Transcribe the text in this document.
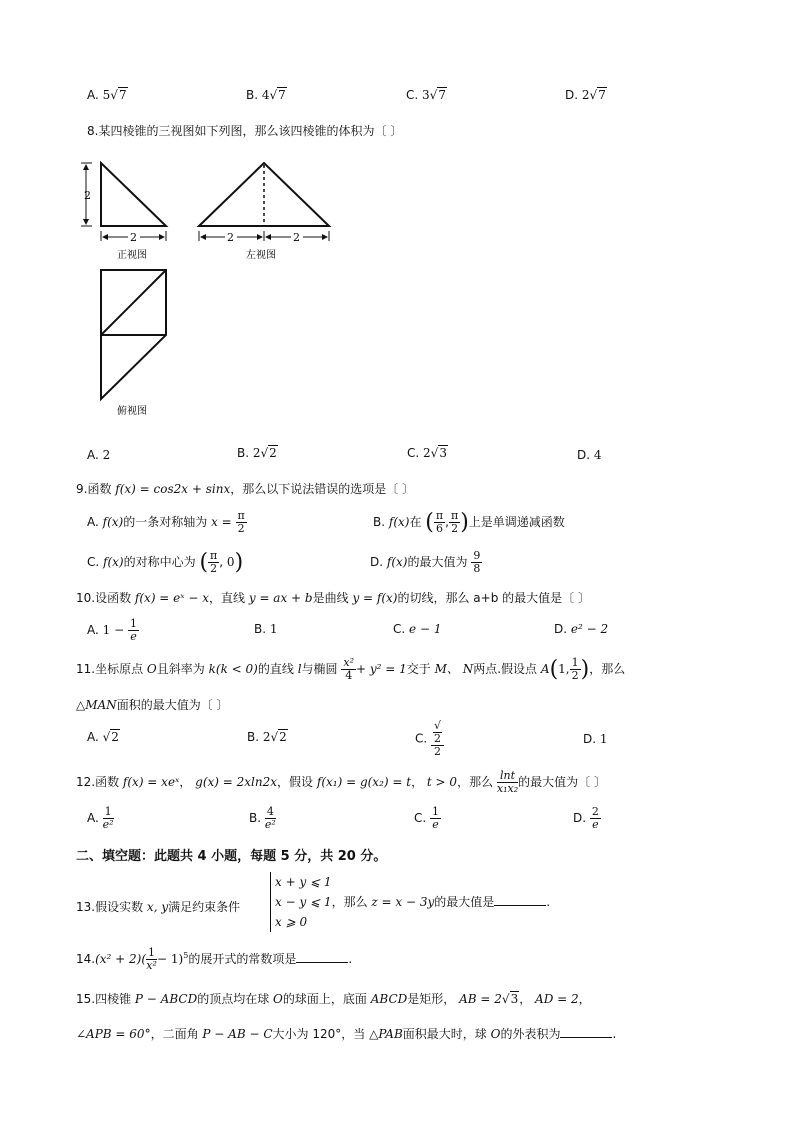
A. 5√7	B. 4√7	C. 3√7	D. 2√7
8.某四棱锥的三视图如下列图，那么该四棱锥的体积为〔 〕
2
2
正视图
2	2
左视图
俯视图
A. 2	B. 2√2	C. 2√3	D. 4
9.函数 f(x) = cos2x + sinx，那么以下说法错误的选项是〔 〕
A. f(x)的一条对称轴为 $x = \frac{\pi}{2}$	B. f(x)在 ( $\frac{\pi}{6}$ , $\frac{\pi}{2}$ )上是单调递减函数
C. f(x)的对称中心为 ( $\frac{\pi}{2}$ , 0)	D. f(x)的最大值为 $\frac{9}{8}$
10.设函数 f(x) = eˣ − x，直线 y = ax + b是曲线 y = f(x)的切线，那么 a+b 的最大值是〔 〕
A. $1 - \frac{1}{e}$	B. 1	C. e − 1	D. e² − 2
11.坐标原点 O且斜率为 k(k < 0)的直线 l与椭圆 $\frac{\text{x²}}{4} + y^2 = 1$交于 M、 N两点.假设点 A(1, $\frac{1}{2}$ )，那么
△MAN面积的最大值为〔 〕
A. √2	B. 2√2	C. √
2
2	D. 1
12.函数 f(x) = xeˣ， g(x) = 2xln2x，假设 f(x₁) = g(x₂) = t， t > 0，那么 $\frac{\ln t}{\text{x₁x₂}}$ 的最大值为〔 〕
A. $\frac{1}{\text{e²}}$	B. $\frac{4}{\text{e²}}$	C. $\frac{1}{e}$	D. $\frac{2}{e}$
二、填空题：此题共 4 小题，每题 5 分，共 20 分。
13.假设实数 x, y满足约束条件
x + y ⩽ 1
x − y ⩽ 1，那么 z = x − 3y的最大值是	.
x ⩾ 0
$14.(x^2 + 2)( \frac{1}{\text{x²}} - 1)^5$的展开式的常数项是	.
15.四棱锥 P − ABCD的顶点均在球 O的球面上，底面 ABCD是矩形， AB = 2√3， AD = 2，
∠APB = 60°，二面角 P − AB − C大小为 120°，当 △PAB面积最大时，球 O的外表积为	.
